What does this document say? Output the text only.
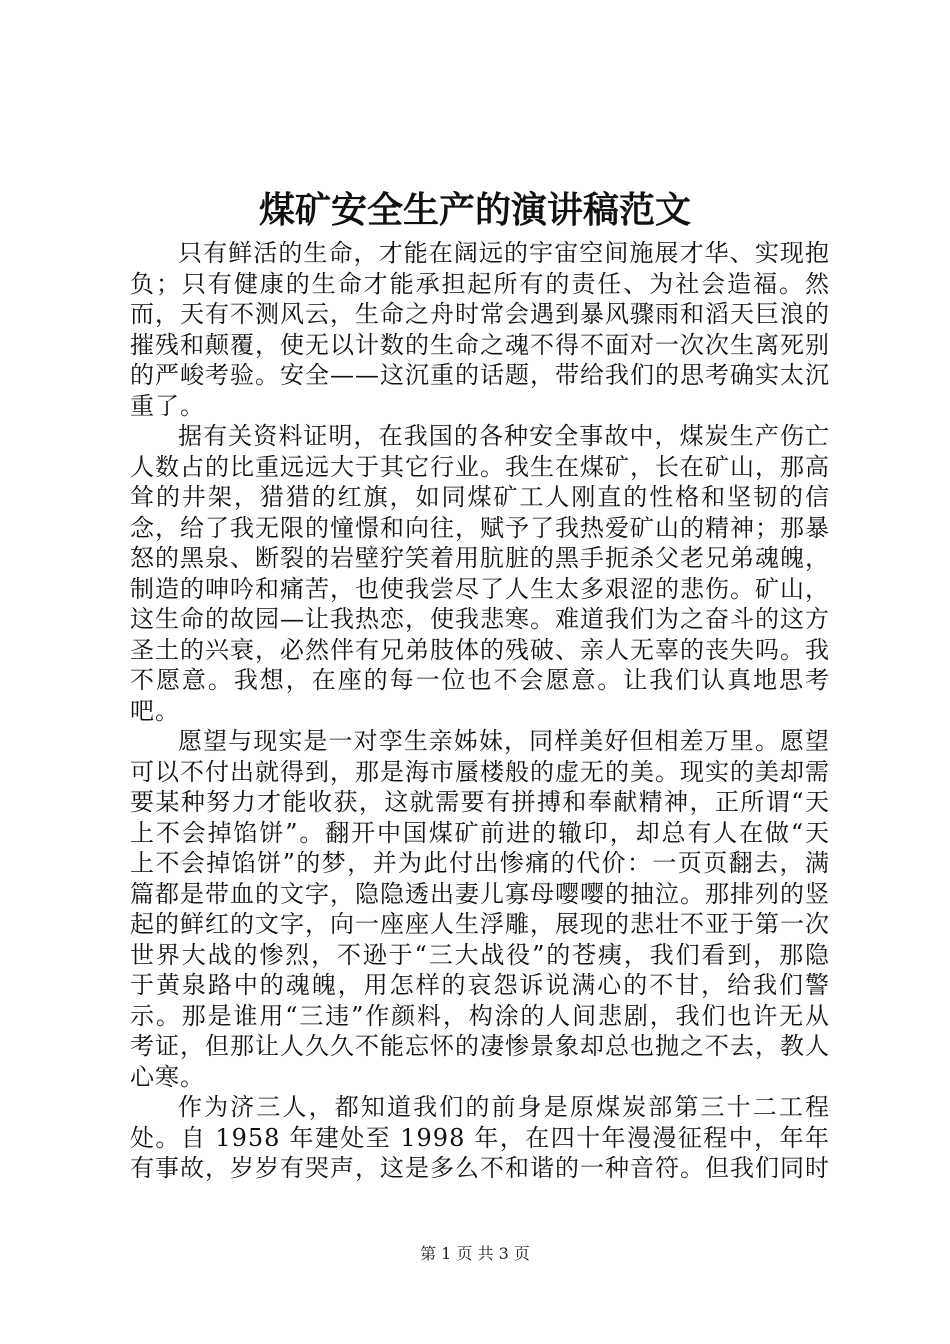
煤矿安全生产的演讲稿范文

只有鲜活的生命，才能在阔远的宇宙空间施展才华、实现抱负；只有健康的生命才能承担起所有的责任、为社会造福。然而，天有不测风云，生命之舟时常会遇到暴风骤雨和滔天巨浪的摧残和颠覆，使无以计数的生命之魂不得不面对一次次生离死别的严峻考验。安全——这沉重的话题，带给我们的思考确实太沉重了。

据有关资料证明，在我国的各种安全事故中，煤炭生产伤亡人数占的比重远远大于其它行业。我生在煤矿，长在矿山，那高耸的井架，猎猎的红旗，如同煤矿工人刚直的性格和坚韧的信念，给了我无限的憧憬和向往，赋予了我热爱矿山的精神；那暴怒的黑泉、断裂的岩壁狞笑着用肮脏的黑手扼杀父老兄弟魂魄，制造的呻吟和痛苦，也使我尝尽了人生太多艰涩的悲伤。矿山，这生命的故园—让我热恋，使我悲寒。难道我们为之奋斗的这方圣土的兴衰，必然伴有兄弟肢体的残破、亲人无辜的丧失吗。我不愿意。我想，在座的每一位也不会愿意。让我们认真地思考吧。

愿望与现实是一对孪生亲姊妹，同样美好但相差万里。愿望可以不付出就得到，那是海市蜃楼般的虚无的美。现实的美却需要某种努力才能收获，这就需要有拼搏和奉献精神，正所谓“天上不会掉馅饼”。翻开中国煤矿前进的辙印，却总有人在做“天上不会掉馅饼”的梦，并为此付出惨痛的代价：一页页翻去，满篇都是带血的文字，隐隐透出妻儿寡母嘤嘤的抽泣。那排列的竖起的鲜红的文字，向一座座人生浮雕，展现的悲壮不亚于第一次世界大战的惨烈，不逊于“三大战役”的苍痍，我们看到，那隐于黄泉路中的魂魄，用怎样的哀怨诉说满心的不甘，给我们警示。那是谁用“三违”作颜料，构涂的人间悲剧，我们也许无从考证，但那让人久久不能忘怀的凄惨景象却总也抛之不去，教人心寒。

作为济三人，都知道我们的前身是原煤炭部第三十二工程处。自 1958 年建处至 1998 年，在四十年漫漫征程中，年年有事故，岁岁有哭声，这是多么不和谐的一种音符。但我们同时

第 1 页 共 3 页
